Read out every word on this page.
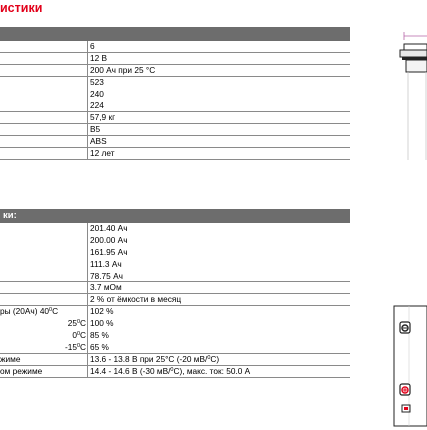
истики
6
12 В
200 Ач при 25 °С
523
240
224
57,9 кг
В5
ABS
12 лет
ки:
201.40 Ач
200.00 Ач
161.95 Ач
111.3 Ач
78.75 Ач
3.7 мОм
2 % от ёмкости в месяц
ры (20Ач) $40^0С$	102 %
$25^0С$ 100 %
$0^0С$ 85 %
$-15^0С$ 65 %
жиме	13.6 - 13.8 В при 25°С (-20 мВ/$^0$С)
ом режиме	14.4 - 14.6 В (-30 мВ/$^0$С), макс. ток: 50.0 А
